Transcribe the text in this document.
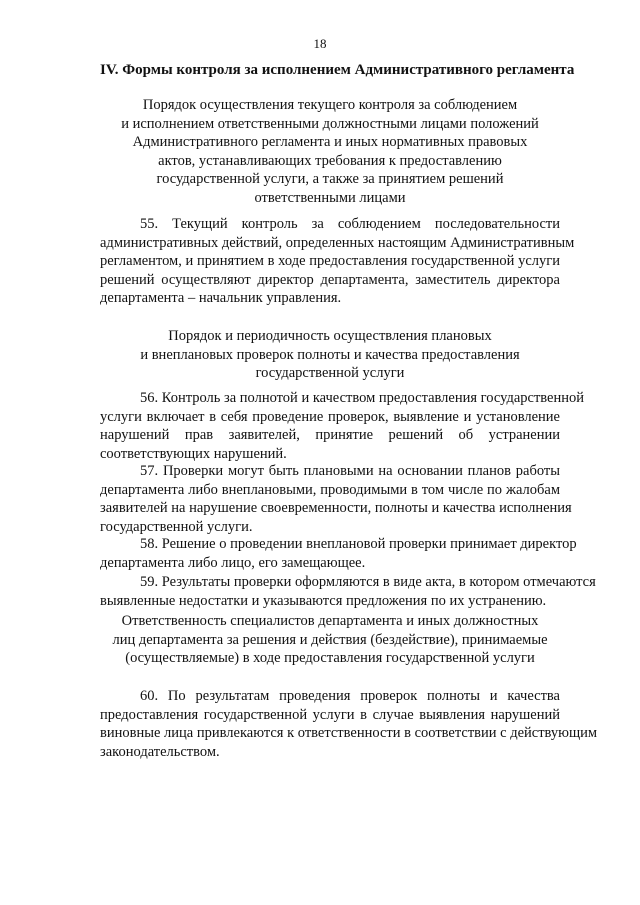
18
IV. Формы контроля за исполнением Административного регламента
Порядок осуществления текущего контроля за соблюдением
и исполнением ответственными должностными лицами положений
Административного регламента и иных нормативных правовых
актов, устанавливающих требования к предоставлению
государственной услуги, а также за принятием решений
ответственными лицами
55. Текущий контроль за соблюдением последовательности
административных действий, определенных настоящим Административным
регламентом, и принятием в ходе предоставления государственной услуги
решений осуществляют директор департамента, заместитель директора
департамента – начальник управления.
Порядок и периодичность осуществления плановых
и внеплановых проверок полноты и качества предоставления
государственной услуги
56. Контроль за полнотой и качеством предоставления государственной
услуги включает в себя проведение проверок, выявление и установление
нарушений прав заявителей, принятие решений об устранении
соответствующих нарушений.
57. Проверки могут быть плановыми на основании планов работы
департамента либо внеплановыми, проводимыми в том числе по жалобам
заявителей на нарушение своевременности, полноты и качества исполнения
государственной услуги.
58. Решение о проведении внеплановой проверки принимает директор
департамента либо лицо, его замещающее.
59. Результаты проверки оформляются в виде акта, в котором отмечаются
выявленные недостатки и указываются предложения по их устранению.
Ответственность специалистов департамента и иных должностных
лиц департамента за решения и действия (бездействие), принимаемые
(осуществляемые) в ходе предоставления государственной услуги
60. По результатам проведения проверок полноты и качества
предоставления государственной услуги в случае выявления нарушений
виновные лица привлекаются к ответственности в соответствии с действующим
законодательством.
